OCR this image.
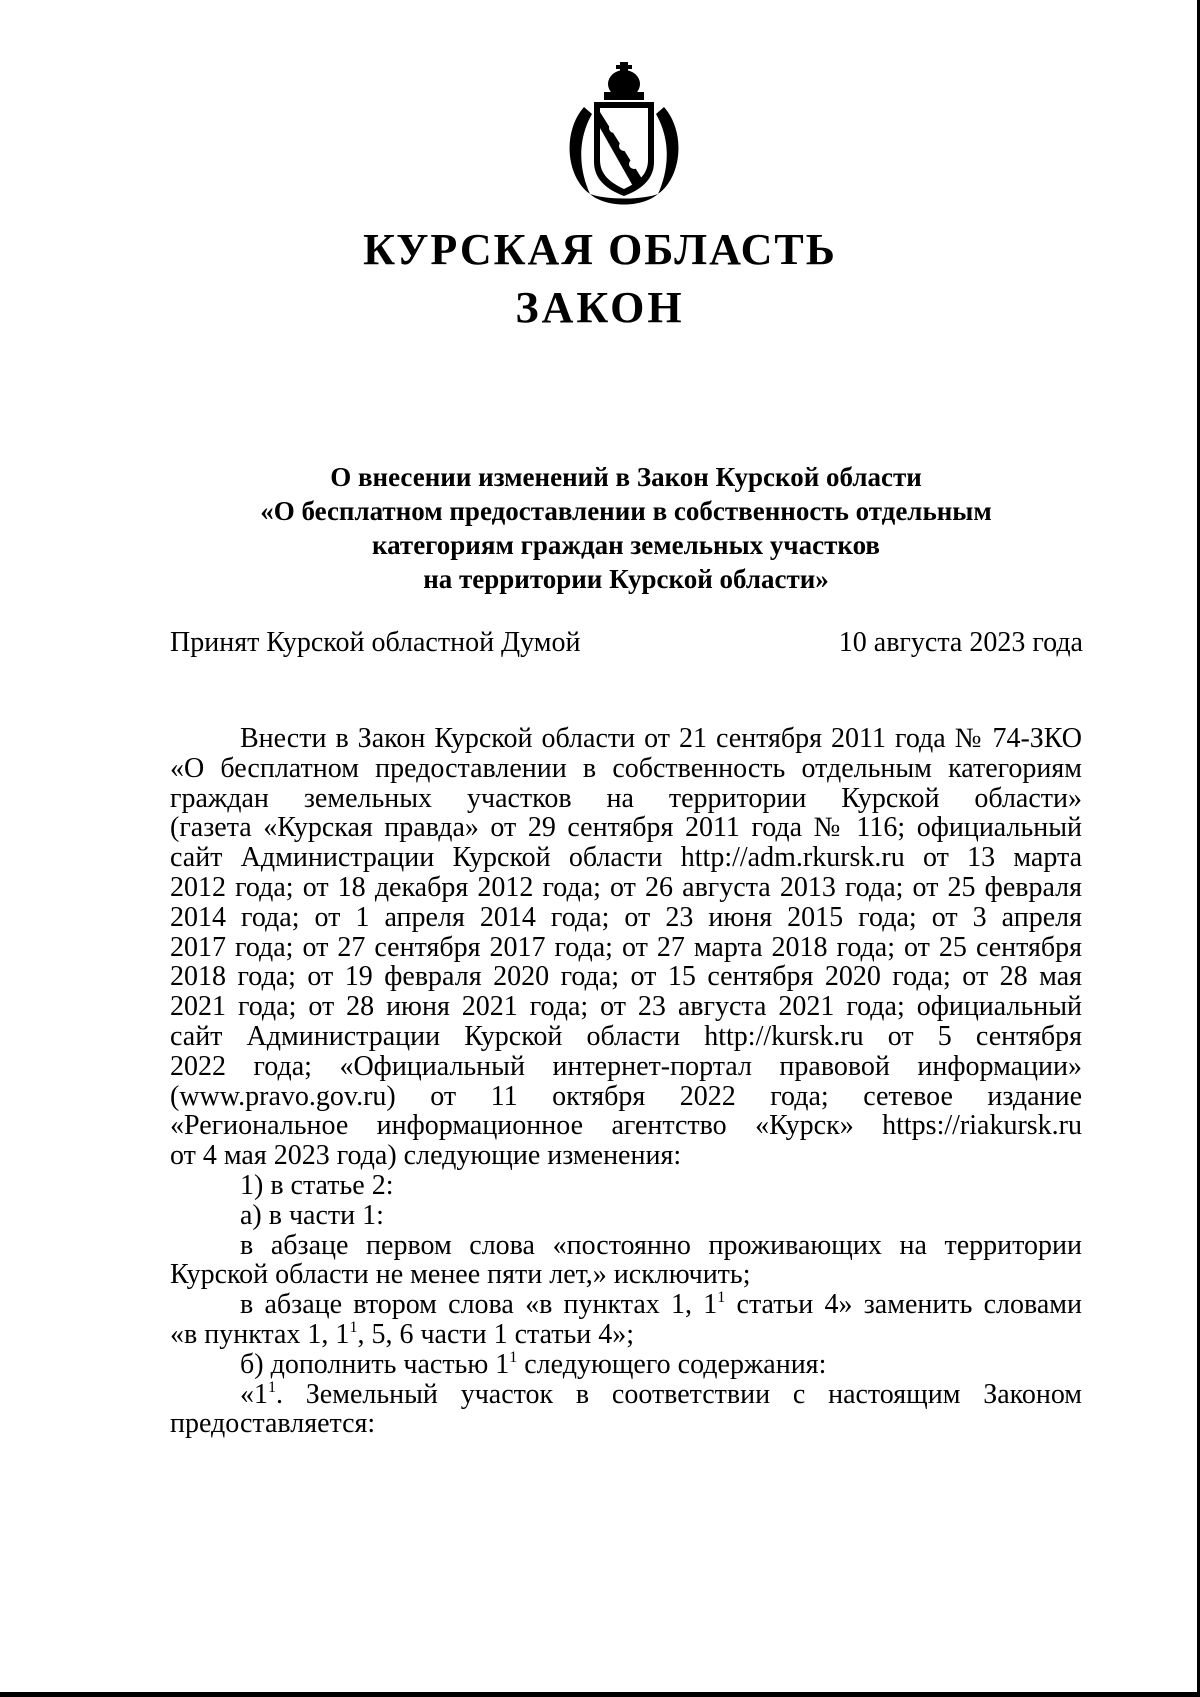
КУРСКАЯ ОБЛАСТЬ
ЗАКОН
О внесении изменений в Закон Курской области
«О бесплатном предоставлении в собственность отдельным
категориям граждан земельных участков
на территории Курской области»
Принят Курской областной Думой	10 августа 2023 года
Внести в Закон Курской области от 21 сентября 2011 года № 74-ЗКО
«О бесплатном предоставлении в собственность отдельным категориям
граждан земельных участков на территории Курской области»
(газета «Курская правда» от 29 сентября 2011 года № 116; официальный
сайт Администрации Курской области http://adm.rkursk.ru от 13 марта
2012 года; от 18 декабря 2012 года; от 26 августа 2013 года; от 25 февраля
2014 года; от 1 апреля 2014 года; от 23 июня 2015 года; от 3 апреля
2017 года; от 27 сентября 2017 года; от 27 марта 2018 года; от 25 сентября
2018 года; от 19 февраля 2020 года; от 15 сентября 2020 года; от 28 мая
2021 года; от 28 июня 2021 года; от 23 августа 2021 года; официальный
сайт Администрации Курской области http://kursk.ru от 5 сентября
2022 года; «Официальный интернет-портал правовой информации»
(www.pravo.gov.ru) от 11 октября 2022 года; сетевое издание
«Региональное информационное агентство «Курск» https://riakursk.ru
от 4 мая 2023 года) следующие изменения:
1) в статье 2:
а) в части 1:
в абзаце первом слова «постоянно проживающих на территории
Курской области не менее пяти лет,» исключить;
в абзаце втором слова «в пунктах 1, $1^1$ статьи 4» заменить словами
«в пунктах 1, $1^1$, 5, 6 части 1 статьи 4»;
б) дополнить частью $1^1$ следующего содержания:
«$1^1$. Земельный участок в соответствии с настоящим Законом
предоставляется:
